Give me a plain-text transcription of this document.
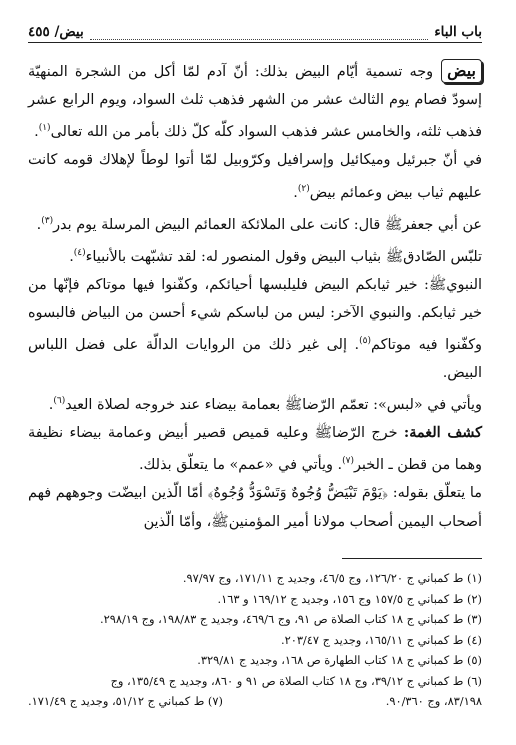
باب الباء
بيض/ ٤٥٥

بيضوجه تسمية أيّام البيض بذلك: أنّ آدم لمّا أكل من الشجرة المنهيّة إسودّ فصام يوم الثالث عشر من الشهر فذهب ثلث السواد، ويوم الرابع عشر فذهب ثلثه، والخامس عشر فذهب السواد كلّه كلّ ذلك بأمر من الله تعالى$^{(١)}$.

في أنّ جبرئيل وميكائيل وإسرافيل وكرّوبيل لمّا أتوا لوطاً لإهلاك قومه كانت عليهم ثياب بيض وعمائم بيض$^{(٢)}$.

عن أبي جعفرﷺ قال: كانت على الملائكة العمائم البيض المرسلة يوم بدر$^{(٣)}$.

تلبّس الصّادقﷺ بثياب البيض وقول المنصور له: لقد تشبّهت بالأنبياء$^{(٤)}$.

النبويﷺ: خير ثيابكم البيض فليلبسها أحيائكم، وكفّنوا فيها موتاكم فإنّها من خير ثيابكم. والنبوي الآخر: ليس من لباسكم شيء أحسن من البياض فالبسوه وكفّنوا فيه موتاكم$^{(٥)}$. إلى غير ذلك من الروايات الدالّة على فضل اللباس البيض.

ويأتي في «لبس»: تعمّم الرّضاﷺ بعمامة بيضاء عند خروجه لصلاة العيد$^{(٦)}$.

كشف الغمة: خرج الرّضاﷺ وعليه قميص قصير أبيض وعمامة بيضاء نظيفة وهما من قطن ـ الخبر$^{(٧)}$. ويأتي في «عمم» ما يتعلّق بذلك.

ما يتعلّق بقوله: ﴿يَوْمَ تَبْيَضُّ وُجُوهٌ وَتَسْوَدُّ وُجُوهٌ﴾ أمّا الّذين ابيضّت وجوههم فهم أصحاب اليمين أصحاب مولانا أمير المؤمنينﷺ، وأمّا الّذين

(١) ط كمباني ج ١٢٦/٢٠، وج ٤٦/٥، وجديد ج ١٧١/١١، وج ٩٧/٩٧.
(٢) ط كمباني ج ١٥٧/٥ وج ١٥٦، وجديد ج ١٦٩/١٢ و ١٦٣.
(٣) ط كمباني ج ١٨ كتاب الصلاة ص ٩١، وج ٤٦٩/٦، وجديد ج ١٩٨/٨٣، وج ٢٩٨/١٩.
(٤) ط كمباني ج ١٦٥/١١، وجديد ج ٢٠٣/٤٧.
(٥) ط كمباني ج ١٨ كتاب الطهارة ص ١٦٨، وجديد ج ٣٢٩/٨١.
(٦) ط كمباني ج ٣٩/١٢، وج ١٨ كتاب الصلاة ص ٩١ و ٨٦٠، وجديد ج ١٣٥/٤٩، وج
٨٣/١٩٨، وج ٩٠/٣٦٠.
(٧) ط كمباني ج ٥١/١٢، وجديد ج ١٧١/٤٩.
